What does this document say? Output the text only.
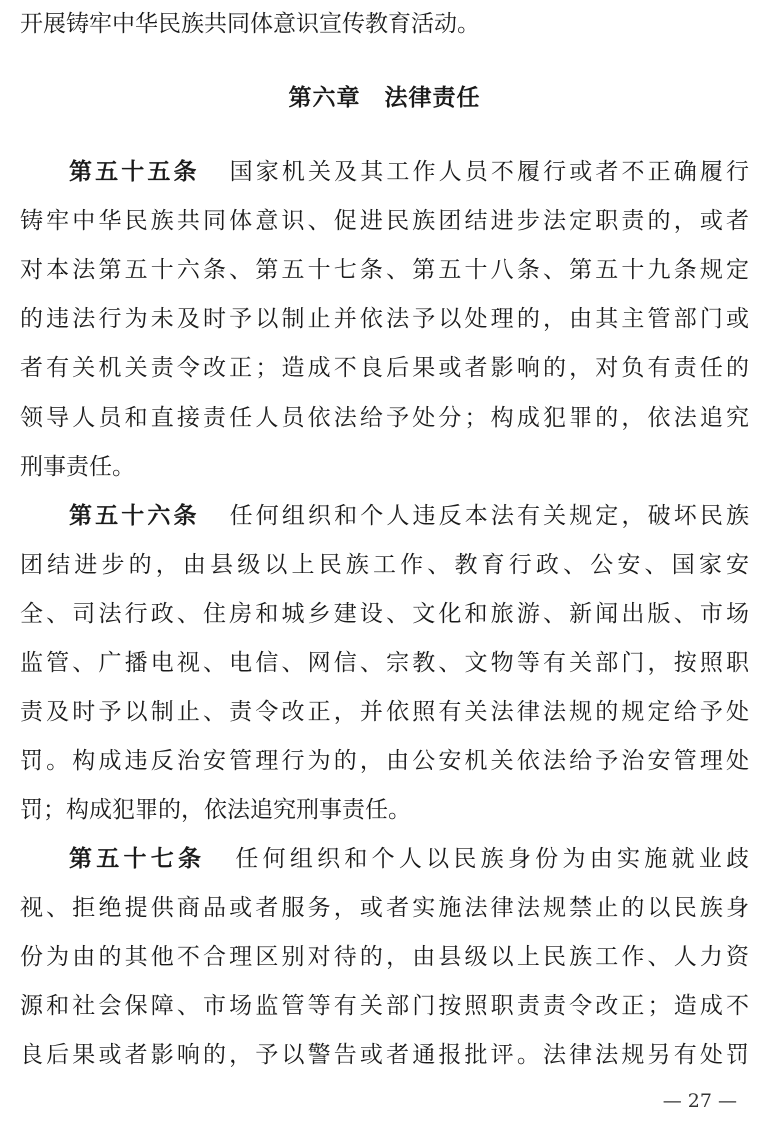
开展铸牢中华民族共同体意识宣传教育活动。
第六章　法律责任
第五十五条 国家机关及其工作人员不履行或者不正确履行
铸牢中华民族共同体意识、促进民族团结进步法定职责的，或者
对本法第五十六条、第五十七条、第五十八条、第五十九条规定
的违法行为未及时予以制止并依法予以处理的，由其主管部门或
者有关机关责令改正；造成不良后果或者影响的，对负有责任的
领导人员和直接责任人员依法给予处分；构成犯罪的，依法追究
刑事责任。
第五十六条 任何组织和个人违反本法有关规定，破坏民族
团结进步的，由县级以上民族工作、教育行政、公安、国家安
全、司法行政、住房和城乡建设、文化和旅游、新闻出版、市场
监管、广播电视、电信、网信、宗教、文物等有关部门，按照职
责及时予以制止、责令改正，并依照有关法律法规的规定给予处
罚。构成违反治安管理行为的，由公安机关依法给予治安管理处
罚；构成犯罪的，依法追究刑事责任。
第五十七条 任何组织和个人以民族身份为由实施就业歧
视、拒绝提供商品或者服务，或者实施法律法规禁止的以民族身
份为由的其他不合理区别对待的，由县级以上民族工作、人力资
源和社会保障、市场监管等有关部门按照职责责令改正；造成不
良后果或者影响的，予以警告或者通报批评。法律法规另有处罚
— 27 —
